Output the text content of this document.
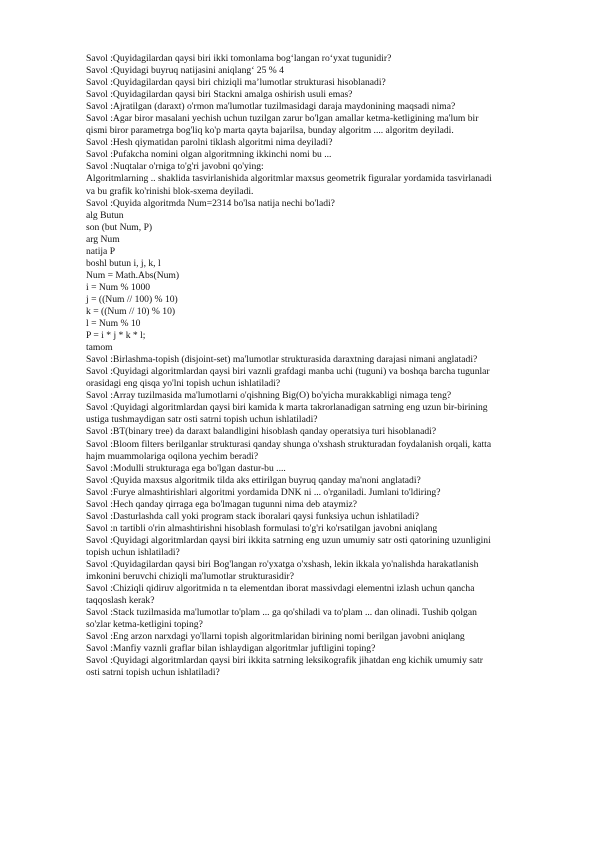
Savol :Quyidagilardan qaysi biri ikki tomonlama bog‘langan ro‘yxat tugunidir?
Savol :Quyidagi buyruq natijasini aniqlang‘ 25 % 4
Savol :Quyidagilardan qaysi biri chiziqli ma’lumotlar strukturasi hisoblanadi?
Savol :Quyidagilardan qaysi biri Stackni amalga oshirish usuli emas?
Savol :Ajratilgan (daraxt) o'rmon ma'lumotlar tuzilmasidagi daraja maydonining maqsadi nima?
Savol :Agar biror masalani yechish uchun tuzilgan zarur bo'lgan amallar ketma-ketligining ma'lum bir
qismi biror parametrga bog'liq ko'p marta qayta bajarilsa, bunday algoritm .... algoritm deyiladi.
Savol :Hesh qiymatidan parolni tiklash algoritmi nima deyiladi?
Savol :Pufakcha nomini olgan algoritmning ikkinchi nomi bu ...
Savol :Nuqtalar o'rniga to'g'ri javobni qo'ying:
Algoritmlarning .. shaklida tasvirlanishida algoritmlar maxsus geometrik figuralar yordamida tasvirlanadi
va bu grafik ko'rinishi blok-sxema deyiladi.
Savol :Quyida algoritmda Num=2314 bo'lsa natija nechi bo'ladi?
alg Butun
son (but Num, P)
arg Num
natija P
boshl butun i, j, k, l
Num = Math.Abs(Num)
i = Num % 1000
j = ((Num // 100) % 10)
k = ((Num // 10) % 10)
l = Num % 10
P = i * j * k * l;
tamom
Savol :Birlashma-topish (disjoint-set) ma'lumotlar strukturasida daraxtning darajasi nimani anglatadi?
Savol :Quyidagi algoritmlardan qaysi biri vaznli grafdagi manba uchi (tuguni) va boshqa barcha tugunlar
orasidagi eng qisqa yo'lni topish uchun ishlatiladi?
Savol :Array tuzilmasida ma'lumotlarni o'qishning Big(O) bo'yicha murakkabligi nimaga teng?
Savol :Quyidagi algoritmlardan qaysi biri kamida k marta takrorlanadigan satrning eng uzun bir-birining
ustiga tushmaydigan satr osti satrni topish uchun ishlatiladi?
Savol :BT(binary tree) da daraxt balandligini hisoblash qanday operatsiya turi hisoblanadi?
Savol :Bloom filters berilganlar strukturasi qanday shunga o'xshash strukturadan foydalanish orqali, katta
hajm muammolariga oqilona yechim beradi?
Savol :Modulli strukturaga ega bo'lgan dastur-bu ....
Savol :Quyida maxsus algoritmik tilda aks ettirilgan buyruq qanday ma'noni anglatadi?
Savol :Furye almashtirishlari algoritmi yordamida DNK ni ... o'rganiladi. Jumlani to'ldiring?
Savol :Hech qanday qirraga ega bo'lmagan tugunni nima deb ataymiz?
Savol :Dasturlashda call yoki program stack iboralari qaysi funksiya uchun ishlatiladi?
Savol :n tartibli o'rin almashtirishni hisoblash formulasi to'g'ri ko'rsatilgan javobni aniqlang
Savol :Quyidagi algoritmlardan qaysi biri ikkita satrning eng uzun umumiy satr osti qatorining uzunligini
topish uchun ishlatiladi?
Savol :Quyidagilardan qaysi biri Bog'langan ro'yxatga o'xshash, lekin ikkala yo'nalishda harakatlanish
imkonini beruvchi chiziqli ma'lumotlar strukturasidir?
Savol :Chiziqli qidiruv algoritmida n ta elementdan iborat massivdagi elementni izlash uchun qancha
taqqoslash kerak?
Savol :Stack tuzilmasida ma'lumotlar to'plam ... ga qo'shiladi va to'plam ... dan olinadi. Tushib qolgan
so'zlar ketma-ketligini toping?
Savol :Eng arzon narxdagi yo'llarni topish algoritmlaridan birining nomi berilgan javobni aniqlang
Savol :Manfiy vaznli graflar bilan ishlaydigan algoritmlar juftligini toping?
Savol :Quyidagi algoritmlardan qaysi biri ikkita satrning leksikografik jihatdan eng kichik umumiy satr
osti satrni topish uchun ishlatiladi?
